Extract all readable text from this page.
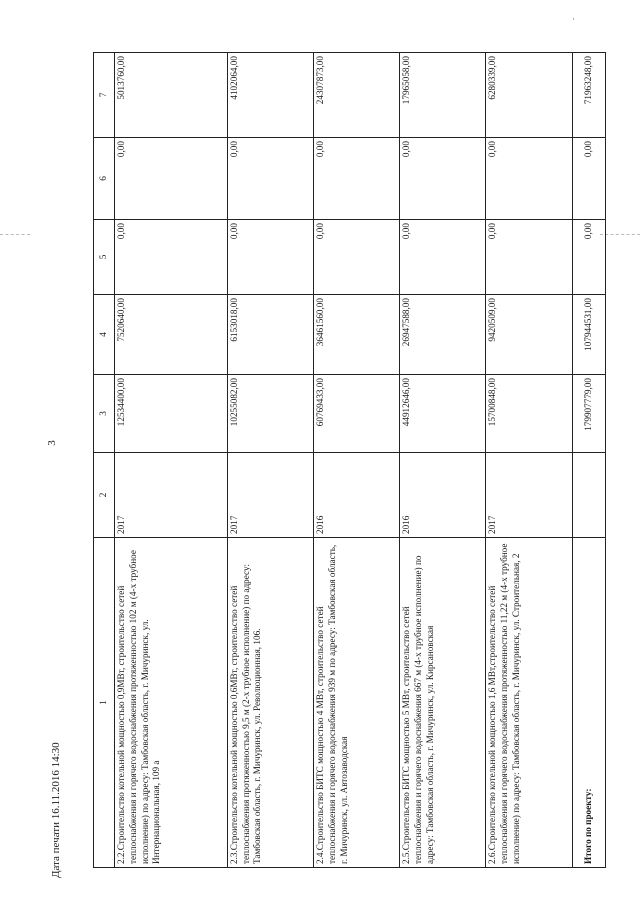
·
3
1	2	3	4	5	6	7
2.2.Строительство котельной мощностью 0,9МВт, строительство сетей теплоснабжения и горячего водоснабжения протяженностью 102 м (4-х трубное исполнение) по адресу: Тамбовская область, г. Мичуринск, ул. Интернациональная, 109 а	2017	12534400,00	7520640,00	0,00	0,00	5013760,00
2.3.Строительство котельной мощностью 0,6МВт, строительство сетей теплоснабжения протяженностью 9,5 м (2-х трубное исполнение) по адресу: Тамбовская область, г. Мичуринск, ул. Революционная, 106.	2017	10255082,00	6153018,00	0,00	0,00	4102064,00
2.4.Строительство БИТС мощностью 4 МВт, строительство сетей теплоснабжения и горячего водоснабжения 939 м по адресу: Тамбовская область, г. Мичуринск, ул. Автозаводская	2016	60769433,00	36461560,00	0,00	0,00	24307873,00
2.5.Строительство БИТС мощностью 5 МВт, строительство сетей теплоснабжения и горячего водоснабжения 667 м (4-х трубное исполнение) по адресу: Тамбовская область, г. Мичуринск, ул. Кирсановская	2016	44912646,00	26947588,00	0,00	0,00	17965058,00
2.6.Строительство котельной мощностью 1,6 МВт,строительство сетей теплоснабжения и горячего водоснабжения протяженностью 11,22 м (4-х трубное исполнение) по адресу: Тамбовская область, г. Мичуринск, ул. Строительная, 2	2017	15700848,00	9420509,00	0,00	0,00	6280339,00
Итого по проекту:		179907779,00	107944531,00	0,00	0,00	71963248,00
Дата печати 16.11.2016 14:30
